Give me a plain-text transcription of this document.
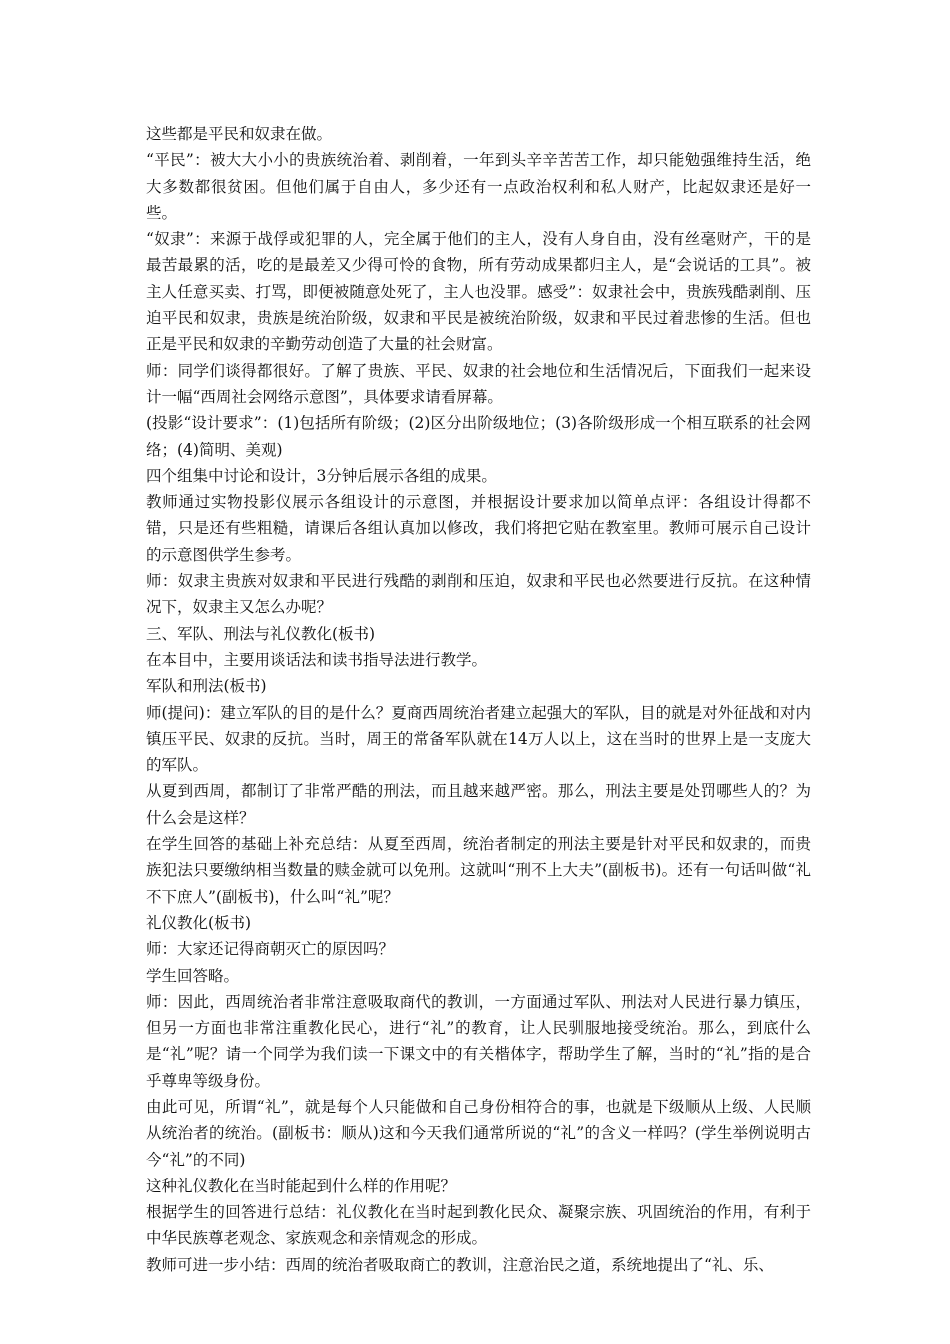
这些都是平民和奴隶在做。

“平民”：被大大小小的贵族统治着、剥削着，一年到头辛辛苦苦工作，却只能勉强维持生活，绝大多数都很贫困。但他们属于自由人，多少还有一点政治权利和私人财产，比起奴隶还是好一些。

“奴隶”：来源于战俘或犯罪的人，完全属于他们的主人，没有人身自由，没有丝毫财产，干的是最苦最累的活，吃的是最差又少得可怜的食物，所有劳动成果都归主人，是“会说话的工具”。被主人任意买卖、打骂，即便被随意处死了，主人也没罪。感受”：奴隶社会中，贵族残酷剥削、压迫平民和奴隶，贵族是统治阶级，奴隶和平民是被统治阶级，奴隶和平民过着悲惨的生活。但也正是平民和奴隶的辛勤劳动创造了大量的社会财富。

师：同学们谈得都很好。了解了贵族、平民、奴隶的社会地位和生活情况后，下面我们一起来设计一幅“西周社会网络示意图”，具体要求请看屏幕。

(投影“设计要求”：(1)包括所有阶级；(2)区分出阶级地位；(3)各阶级形成一个相互联系的社会网络；(4)简明、美观)

四个组集中讨论和设计，3分钟后展示各组的成果。

教师通过实物投影仪展示各组设计的示意图，并根据设计要求加以简单点评：各组设计得都不错，只是还有些粗糙，请课后各组认真加以修改，我们将把它贴在教室里。教师可展示自己设计的示意图供学生参考。

师：奴隶主贵族对奴隶和平民进行残酷的剥削和压迫，奴隶和平民也必然要进行反抗。在这种情况下，奴隶主又怎么办呢？

三、军队、刑法与礼仪教化(板书)

在本目中，主要用谈话法和读书指导法进行教学。

军队和刑法(板书)

师(提问)：建立军队的目的是什么？夏商西周统治者建立起强大的军队，目的就是对外征战和对内镇压平民、奴隶的反抗。当时，周王的常备军队就在14万人以上，这在当时的世界上是一支庞大的军队。

从夏到西周，都制订了非常严酷的刑法，而且越来越严密。那么，刑法主要是处罚哪些人的？为什么会是这样？

在学生回答的基础上补充总结：从夏至西周，统治者制定的刑法主要是针对平民和奴隶的，而贵族犯法只要缴纳相当数量的赎金就可以免刑。这就叫“刑不上大夫”(副板书)。还有一句话叫做“礼不下庶人”(副板书)，什么叫“礼”呢？

礼仪教化(板书)

师：大家还记得商朝灭亡的原因吗？

学生回答略。

师：因此，西周统治者非常注意吸取商代的教训，一方面通过军队、刑法对人民进行暴力镇压，但另一方面也非常注重教化民心，进行“礼”的教育，让人民驯服地接受统治。那么，到底什么是“礼”呢？请一个同学为我们读一下课文中的有关楷体字，帮助学生了解，当时的“礼”指的是合乎尊卑等级身份。

由此可见，所谓“礼”，就是每个人只能做和自己身份相符合的事，也就是下级顺从上级、人民顺从统治者的统治。(副板书：顺从)这和今天我们通常所说的“礼”的含义一样吗？(学生举例说明古今“礼”的不同)

这种礼仪教化在当时能起到什么样的作用呢？

根据学生的回答进行总结：礼仪教化在当时起到教化民众、凝聚宗族、巩固统治的作用，有利于中华民族尊老观念、家族观念和亲情观念的形成。

教师可进一步小结：西周的统治者吸取商亡的教训，注意治民之道，系统地提出了“礼、乐、
